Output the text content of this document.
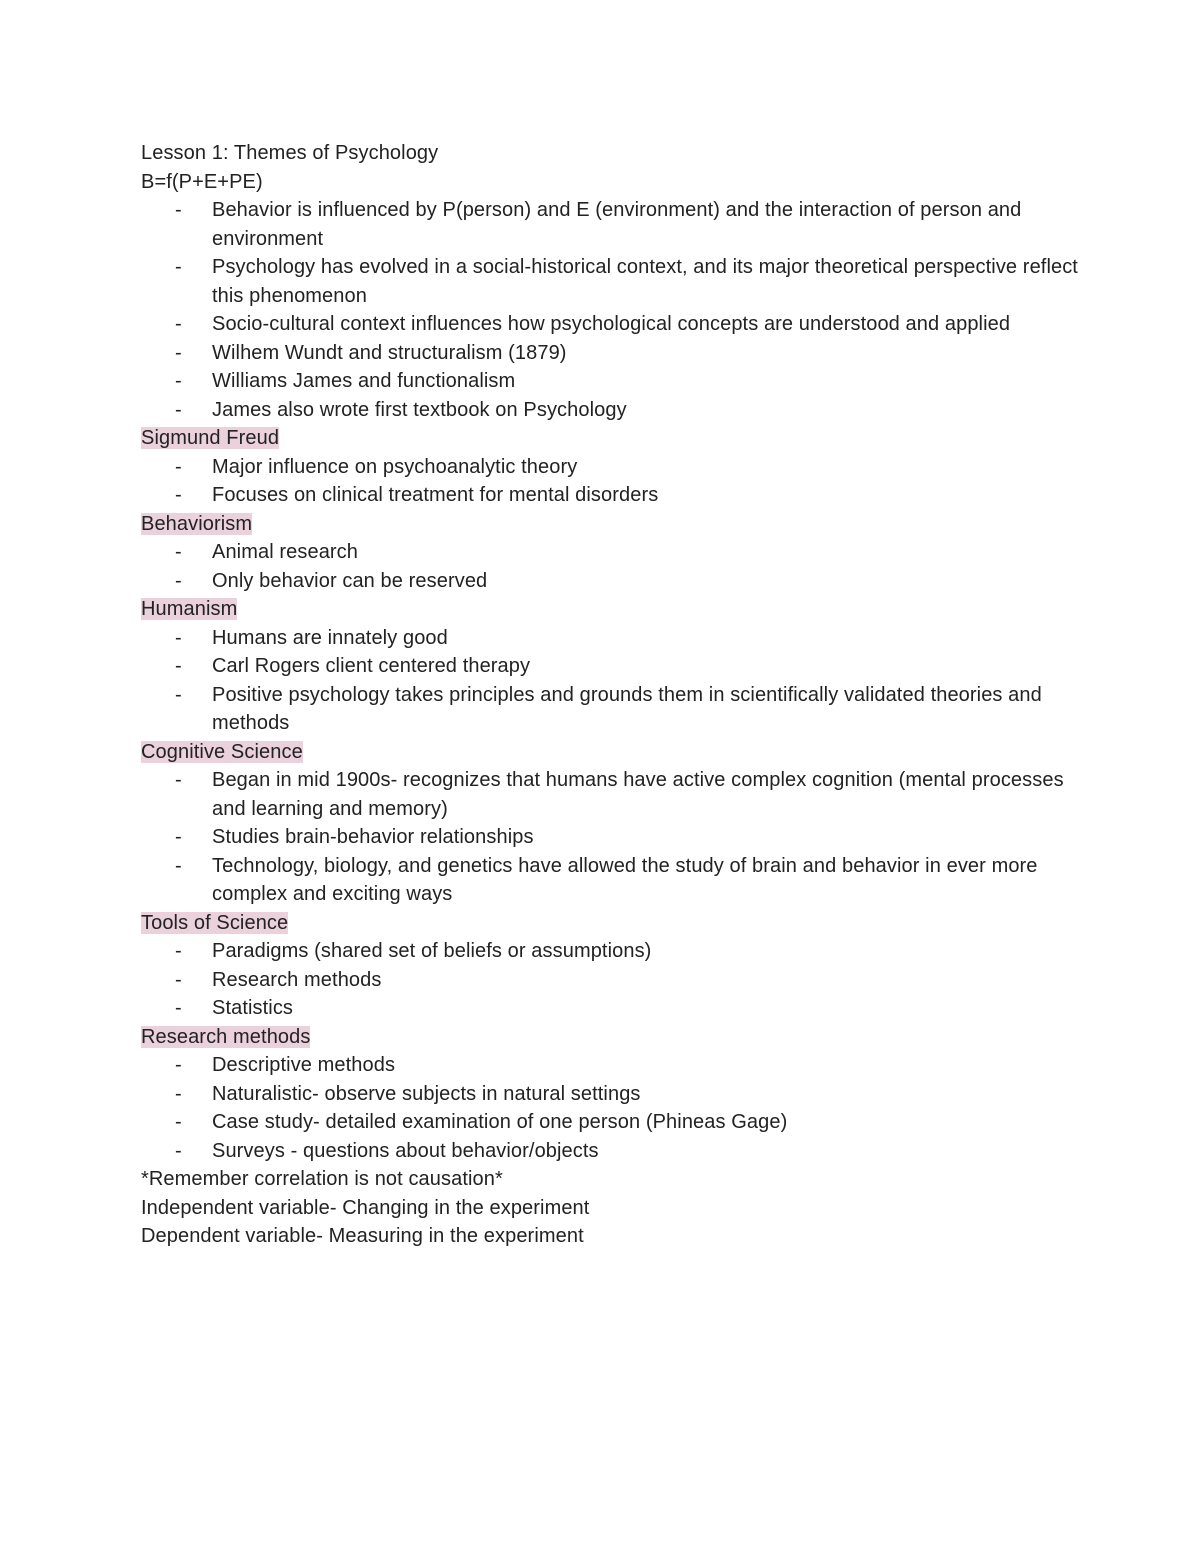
Lesson 1: Themes of Psychology
B=f(P+E+PE)
- Behavior is influenced by P(person) and E (environment) and the interaction of person and environment
- Psychology has evolved in a social-historical context, and its major theoretical perspective reflect this phenomenon
- Socio-cultural context influences how psychological concepts are understood and applied
- Wilhem Wundt and structuralism (1879)
- Williams James and functionalism
- James also wrote first textbook on Psychology
Sigmund Freud
- Major influence on psychoanalytic theory
- Focuses on clinical treatment for mental disorders
Behaviorism
- Animal research
- Only behavior can be reserved
Humanism
- Humans are innately good
- Carl Rogers client centered therapy
- Positive psychology takes principles and grounds them in scientifically validated theories and methods
Cognitive Science
- Began in mid 1900s- recognizes that humans have active complex cognition (mental processes and learning and memory)
- Studies brain-behavior relationships
- Technology, biology, and genetics have allowed the study of brain and behavior in ever more complex and exciting ways
Tools of Science
- Paradigms (shared set of beliefs or assumptions)
- Research methods
- Statistics
Research methods
- Descriptive methods
- Naturalistic- observe subjects in natural settings
- Case study- detailed examination of one person (Phineas Gage)
- Surveys - questions about behavior/objects
*Remember correlation is not causation*
Independent variable- Changing in the experiment
Dependent variable- Measuring in the experiment
